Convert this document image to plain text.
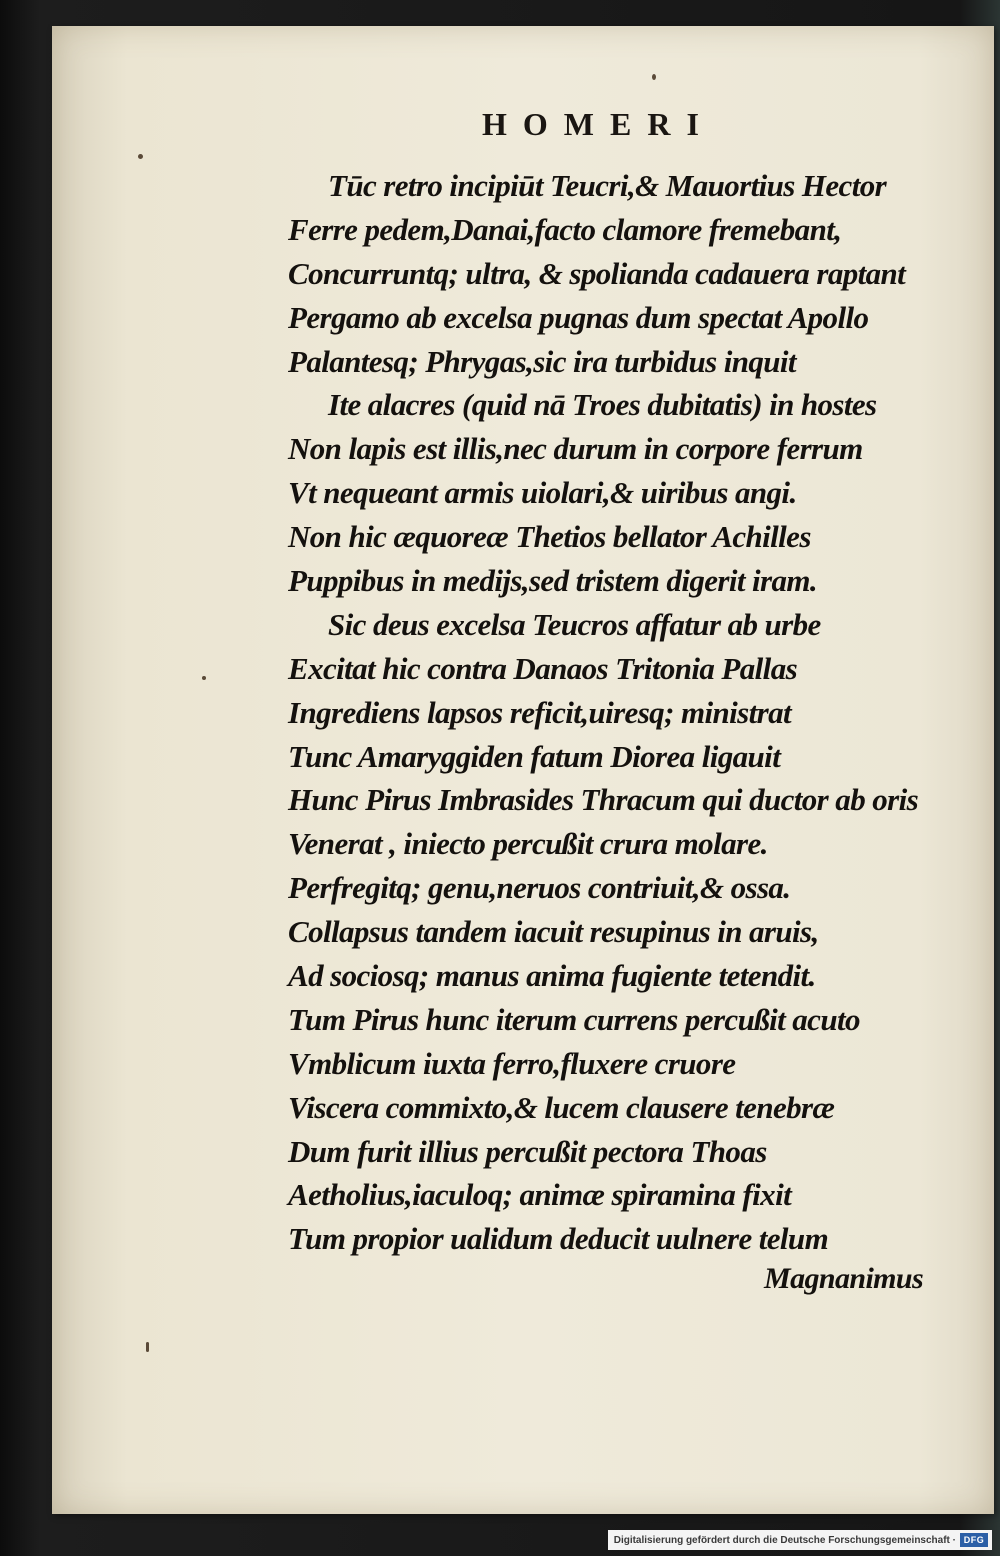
HOMERI
Tūc retro incipiūt Teucri,& Mauortius Hector
Ferre pedem,Danai,facto clamore fremebant,
Concurruntq; ultra, & spolianda cadauera raptant
Pergamo ab excelsa pugnas dum spectat Apollo
Palantesq; Phrygas,sic ira turbidus inquit
Ite alacres (quid nā Troes dubitatis) in hostes
Non lapis est illis,nec durum in corpore ferrum
Vt nequeant armis uiolari,& uiribus angi.
Non hic æquoreæ Thetios bellator Achilles
Puppibus in medijs,sed tristem digerit iram.
Sic deus excelsa Teucros affatur ab urbe
Excitat hic contra Danaos Tritonia Pallas
Ingrediens lapsos reficit,uiresq; ministrat
Tunc Amaryggiden fatum Diorea ligauit
Hunc Pirus Imbrasides Thracum qui ductor ab oris
Venerat , iniecto percußit crura molare.
Perfregitq; genu,neruos contriuit,& ossa.
Collapsus tandem iacuit resupinus in aruis,
Ad sociosq; manus anima fugiente tetendit.
Tum Pirus hunc iterum currens percußit acuto
Vmblicum iuxta ferro,fluxere cruore
Viscera commixto,& lucem clausere tenebræ
Dum furit illius percußit pectora Thoas
Aetholius,iaculoq; animæ spiramina fixit
Tum propior ualidum deducit uulnere telum
Magnanimus
Digitalisierung gefördert durch die Deutsche Forschungsgemeinschaft · DFG
